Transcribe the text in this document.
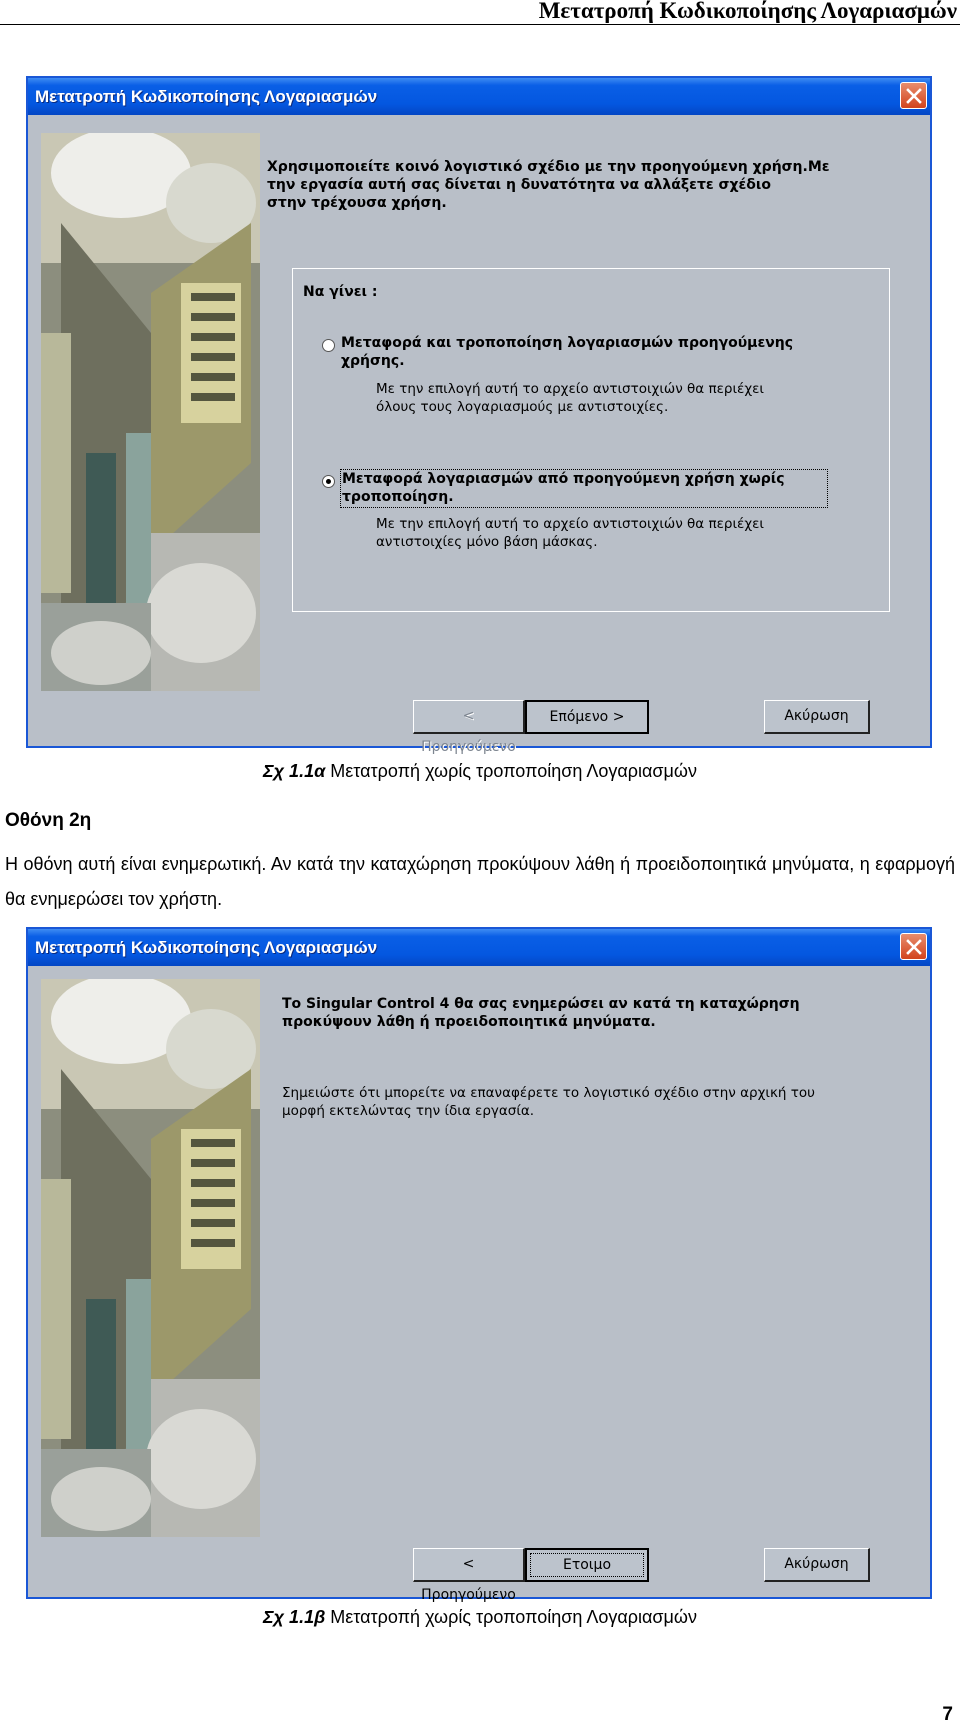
Μετατροπή Κωδικοποίησης Λογαριασμών
Μετατροπή Κωδικοποίησης Λογαριασμών
Χρησιμοποιείτε κοινό λογιστικό σχέδιο με την προηγούμενη χρήση.Με
την εργασία αυτή σας δίνεται η δυνατότητα να αλλάξετε σχέδιο
στην τρέχουσα χρήση.
Να γίνει :
Μεταφορά και τροποποίηση λογαριασμών προηγούμενης
χρήσης.
Με την επιλογή αυτή το αρχείο αντιστοιχιών θα περιέχει
όλους τους λογαριασμούς με αντιστοιχίες.
Μεταφορά λογαριασμών από προηγούμενη χρήση χωρίς
τροποποίηση.
Με την επιλογή αυτή το αρχείο αντιστοιχιών θα περιέχει
αντιστοιχίες μόνο βάση μάσκας.
< Προηγούμενο
Επόμενο >	Ακύρωση
Σχ 1.1α Μετατροπή χωρίς τροποποίηση Λογαριασμών
Οθόνη 2η
Η οθόνη αυτή είναι ενημερωτική. Αν κατά την καταχώρηση προκύψουν λάθη ή προειδοποιητικά μηνύματα, η εφαρμογή θα ενημερώσει τον χρήστη.
Μετατροπή Κωδικοποίησης Λογαριασμών
Το Singular Control 4 θα σας ενημερώσει αν κατά τη καταχώρηση
προκύψουν λάθη ή προειδοποιητικά μηνύματα.
Σημειώστε ότι μπορείτε να επαναφέρετε το λογιστικό σχέδιο στην αρχική του
μορφή εκτελώντας την ίδια εργασία.
< Προηγούμενο
Ετοιμο	Ακύρωση
Σχ 1.1β Μετατροπή χωρίς τροποποίηση Λογαριασμών
7
